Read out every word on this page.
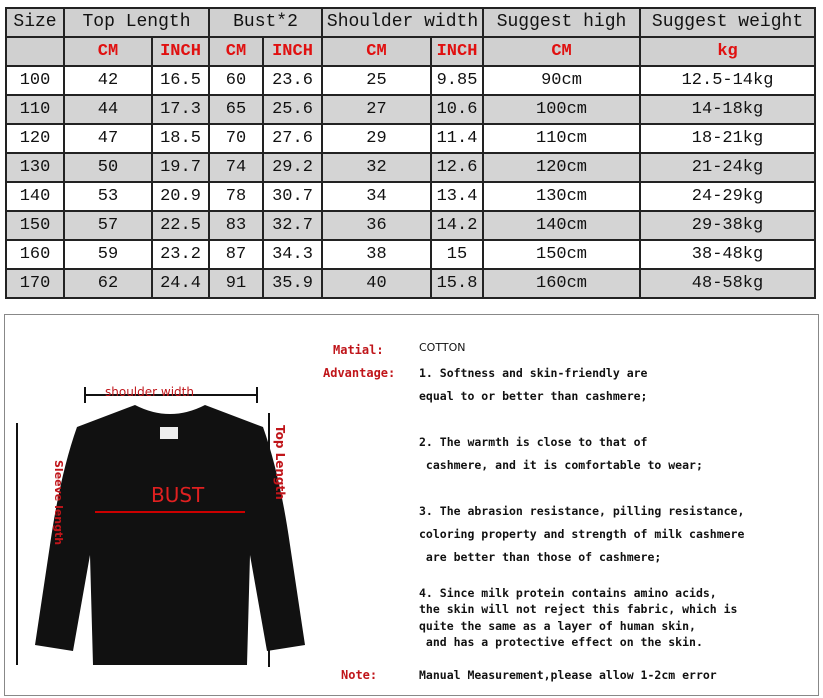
Size	Top Length		Bust*2		Shoulder width		Suggest high	Suggest weight
	CM	INCH	CM	INCH	CM	INCH	CM	kg
100	42	16.5	60	23.6	25	9.85	90cm	12.5-14kg
110	44	17.3	65	25.6	27	10.6	100cm	14-18kg
120	47	18.5	70	27.6	29	11.4	110cm	18-21kg
130	50	19.7	74	29.2	32	12.6	120cm	21-24kg
140	53	20.9	78	30.7	34	13.4	130cm	24-29kg
150	57	22.5	83	32.7	36	14.2	140cm	29-38kg
160	59	23.2	87	34.3	38	15	150cm	38-48kg
170	62	24.4	91	35.9	40	15.8	160cm	48-58kg
shoulder width
Top Length
Sleeve length	BUST
Matial:	COTTON
Advantage: 1. Softness and skin-friendly are
equal to or better than cashmere;
2. The warmth is close to that of
cashmere, and it is comfortable to wear;
3. The abrasion resistance, pilling resistance,
coloring property and strength of milk cashmere
are better than those of cashmere;
4. Since milk protein contains amino acids,
the skin will not reject this fabric, which is
quite the same as a layer of human skin,
and has a protective effect on the skin.
Note:	Manual Measurement,please allow 1-2cm error
